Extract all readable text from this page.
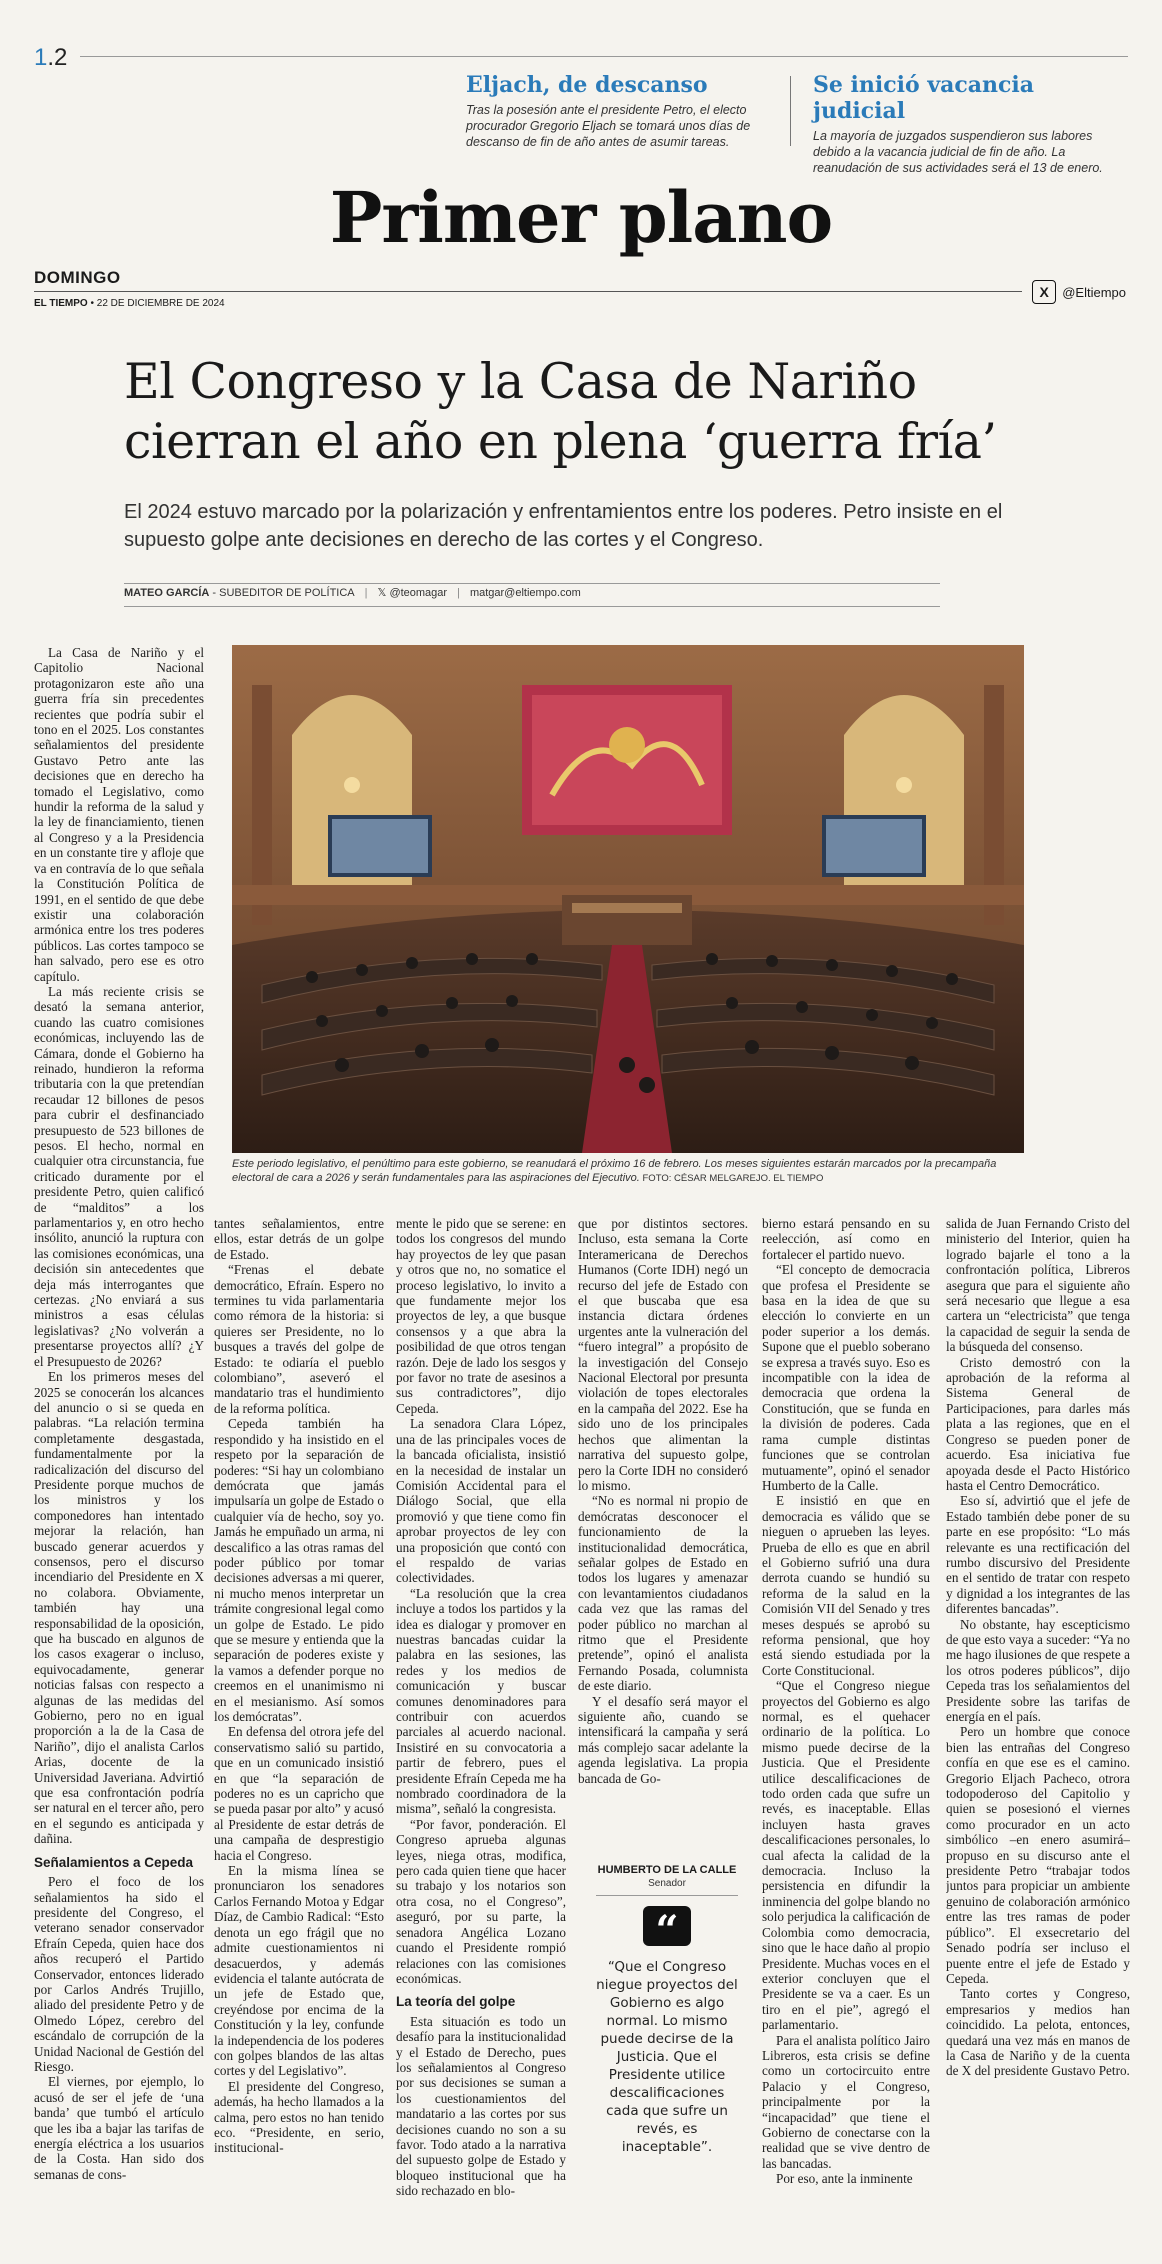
1.2
Eljach, de descanso

Tras la posesión ante el presidente Petro, el electo procurador Gregorio Eljach se tomará unos días de descanso de fin de año antes de asumir tareas.

Se inició vacancia judicial

La mayoría de juzgados suspendieron sus labores debido a la vacancia judicial de fin de año. La reanudación de sus actividades será el 13 de enero.

Primer plano
DOMINGO
EL TIEMPO • 22 DE DICIEMBRE DE 2024
X	@Eltiempo
El Congreso y la Casa de Nariño cierran el año en plena ‘guerra fría’

El 2024 estuvo marcado por la polarización y enfrentamientos entre los poderes. Petro insiste en el supuesto golpe ante decisiones en derecho de las cortes y el Congreso.

MATEO GARCÍA - SUBEDITOR DE POLÍTICA | 𝕏 @teomagar | matgar@eltiempo.com

Este periodo legislativo, el penúltimo para este gobierno, se reanudará el próximo 16 de febrero. Los meses siguientes estarán marcados por la precampaña electoral de cara a 2026 y serán fundamentales para las aspiraciones del Ejecutivo. FOTO: CÉSAR MELGAREJO. EL TIEMPO

La Casa de Nariño y el Capitolio Nacional protagonizaron este año una guerra fría sin precedentes recientes que podría subir el tono en el 2025. Los constantes señalamientos del presidente Gustavo Petro ante las decisiones que en derecho ha tomado el Legislativo, como hundir la reforma de la salud y la ley de financiamiento, tienen al Congreso y a la Presidencia en un constante tire y afloje que va en contravía de lo que señala la Constitución Política de 1991, en el sentido de que debe existir una colaboración armónica entre los tres poderes públicos. Las cortes tampoco se han salvado, pero ese es otro capítulo.

La más reciente crisis se desató la semana anterior, cuando las cuatro comisiones económicas, incluyendo las de Cámara, donde el Gobierno ha reinado, hundieron la reforma tributaria con la que pretendían recaudar 12 billones de pesos para cubrir el desfinanciado presupuesto de 523 billones de pesos. El hecho, normal en cualquier otra circunstancia, fue criticado duramente por el presidente Petro, quien calificó de “malditos” a los parlamentarios y, en otro hecho insólito, anunció la ruptura con las comisiones económicas, una decisión sin antecedentes que deja más interrogantes que certezas. ¿No enviará a sus ministros a esas células legislativas? ¿No volverán a presentarse proyectos allí? ¿Y el Presupuesto de 2026?

En los primeros meses del 2025 se conocerán los alcances del anuncio o si se queda en palabras. “La relación termina completamente desgastada, fundamentalmente por la radicalización del discurso del Presidente porque muchos de los ministros y los componedores han intentado mejorar la relación, han buscado generar acuerdos y consensos, pero el discurso incendiario del Presidente en X no colabora. Obviamente, también hay una responsabilidad de la oposición, que ha buscado en algunos de los casos exagerar o incluso, equivocadamente, generar noticias falsas con respecto a algunas de las medidas del Gobierno, pero no en igual proporción a la de la Casa de Nariño”, dijo el analista Carlos Arias, docente de la Universidad Javeriana. Advirtió que esa confrontación podría ser natural en el tercer año, pero en el segundo es anticipada y dañina.

Señalamientos a Cepeda

Pero el foco de los señalamientos ha sido el presidente del Congreso, el veterano senador conservador Efraín Cepeda, quien hace dos años recuperó el Partido Conservador, entonces liderado por Carlos Andrés Trujillo, aliado del presidente Petro y de Olmedo López, cerebro del escándalo de corrupción de la Unidad Nacional de Gestión del Riesgo.

El viernes, por ejemplo, lo acusó de ser el jefe de ‘una banda’ que tumbó el artículo que les iba a bajar las tarifas de energía eléctrica a los usuarios de la Costa. Han sido dos semanas de cons-

tantes señalamientos, entre ellos, estar detrás de un golpe de Estado.

“Frenas el debate democrático, Efraín. Espero no termines tu vida parlamentaria como rémora de la historia: si quieres ser Presidente, no lo busques a través del golpe de Estado: te odiaría el pueblo colombiano”, aseveró el mandatario tras el hundimiento de la reforma política.

Cepeda también ha respondido y ha insistido en el respeto por la separación de poderes: “Si hay un colombiano demócrata que jamás impulsaría un golpe de Estado o cualquier vía de hecho, soy yo. Jamás he empuñado un arma, ni descalifico a las otras ramas del poder público por tomar decisiones adversas a mi querer, ni mucho menos interpretar un trámite congresional legal como un golpe de Estado. Le pido que se mesure y entienda que la separación de poderes existe y la vamos a defender porque no creemos en el unanimismo ni en el mesianismo. Así somos los demócratas”.

En defensa del otrora jefe del conservatismo salió su partido, que en un comunicado insistió en que “la separación de poderes no es un capricho que se pueda pasar por alto” y acusó al Presidente de estar detrás de una campaña de desprestigio hacia el Congreso.

En la misma línea se pronunciaron los senadores Carlos Fernando Motoa y Edgar Díaz, de Cambio Radical: “Esto denota un ego frágil que no admite cuestionamientos ni desacuerdos, y además evidencia el talante autócrata de un jefe de Estado que, creyéndose por encima de la Constitución y la ley, confunde la independencia de los poderes con golpes blandos de las altas cortes y del Legislativo”.

El presidente del Congreso, además, ha hecho llamados a la calma, pero estos no han tenido eco. “Presidente, en serio, institucional-

mente le pido que se serene: en todos los congresos del mundo hay proyectos de ley que pasan y otros que no, no somatice el proceso legislativo, lo invito a que fundamente mejor los proyectos de ley, a que busque consensos y a que abra la posibilidad de que otros tengan razón. Deje de lado los sesgos y por favor no trate de asesinos a sus contradictores”, dijo Cepeda.

La senadora Clara López, una de las principales voces de la bancada oficialista, insistió en la necesidad de instalar un Comisión Accidental para el Diálogo Social, que ella promovió y que tiene como fin aprobar proyectos de ley con una proposición que contó con el respaldo de varias colectividades.

“La resolución que la crea incluye a todos los partidos y la idea es dialogar y promover en nuestras bancadas cuidar la palabra en las sesiones, las redes y los medios de comunicación y buscar comunes denominadores para contribuir con acuerdos parciales al acuerdo nacional. Insistiré en su convocatoria a partir de febrero, pues el presidente Efraín Cepeda me ha nombrado coordinadora de la misma”, señaló la congresista.

“Por favor, ponderación. El Congreso aprueba algunas leyes, niega otras, modifica, pero cada quien tiene que hacer su trabajo y los notarios son otra cosa, no el Congreso”, aseguró, por su parte, la senadora Angélica Lozano cuando el Presidente rompió relaciones con las comisiones económicas.

La teoría del golpe

Esta situación es todo un desafío para la institucionalidad y el Estado de Derecho, pues los señalamientos al Congreso por sus decisiones se suman a los cuestionamientos del mandatario a las cortes por sus decisiones cuando no son a su favor. Todo atado a la narrativa del supuesto golpe de Estado y bloqueo institucional que ha sido rechazado en blo-

que por distintos sectores. Incluso, esta semana la Corte Interamericana de Derechos Humanos (Corte IDH) negó un recurso del jefe de Estado con el que buscaba que esa instancia dictara órdenes urgentes ante la vulneración del “fuero integral” a propósito de la investigación del Consejo Nacional Electoral por presunta violación de topes electorales en la campaña del 2022. Ese ha sido uno de los principales hechos que alimentan la narrativa del supuesto golpe, pero la Corte IDH no consideró lo mismo.

“No es normal ni propio de demócratas desconocer el funcionamiento de la institucionalidad democrática, señalar golpes de Estado en todos los lugares y amenazar con levantamientos ciudadanos cada vez que las ramas del poder público no marchan al ritmo que el Presidente pretende”, opinó el analista Fernando Posada, columnista de este diario.

Y el desafío será mayor el siguiente año, cuando se intensificará la campaña y será más complejo sacar adelante la agenda legislativa. La propia bancada de Go-

HUMBERTO DE LA CALLE
Senador
“
“Que el Congreso niegue proyectos del Gobierno es algo normal. Lo mismo puede decirse de la Justicia. Que el Presidente utilice descalificaciones cada que sufre un revés, es inaceptable”.

bierno estará pensando en su reelección, así como en fortalecer el partido nuevo.

“El concepto de democracia que profesa el Presidente se basa en la idea de que su elección lo convierte en un poder superior a los demás. Supone que el pueblo soberano se expresa a través suyo. Eso es incompatible con la idea de democracia que ordena la Constitución, que se funda en la división de poderes. Cada rama cumple distintas funciones que se controlan mutuamente”, opinó el senador Humberto de la Calle.

E insistió en que en democracia es válido que se nieguen o aprueben las leyes. Prueba de ello es que en abril el Gobierno sufrió una dura derrota cuando se hundió su reforma de la salud en la Comisión VII del Senado y tres meses después se aprobó su reforma pensional, que hoy está siendo estudiada por la Corte Constitucional.

“Que el Congreso niegue proyectos del Gobierno es algo normal, es el quehacer ordinario de la política. Lo mismo puede decirse de la Justicia. Que el Presidente utilice descalificaciones de todo orden cada que sufre un revés, es inaceptable. Ellas incluyen hasta graves descalificaciones personales, lo cual afecta la calidad de la democracia. Incluso la persistencia en difundir la inminencia del golpe blando no solo perjudica la calificación de Colombia como democracia, sino que le hace daño al propio Presidente. Muchas voces en el exterior concluyen que el Presidente se va a caer. Es un tiro en el pie”, agregó el parlamentario.

Para el analista político Jairo Libreros, esta crisis se define como un cortocircuito entre Palacio y el Congreso, principalmente por la “incapacidad” que tiene el Gobierno de conectarse con la realidad que se vive dentro de las bancadas.

Por eso, ante la inminente

salida de Juan Fernando Cristo del ministerio del Interior, quien ha logrado bajarle el tono a la confrontación política, Libreros asegura que para el siguiente año será necesario que llegue a esa cartera un “electricista” que tenga la capacidad de seguir la senda de la búsqueda del consenso.

Cristo demostró con la aprobación de la reforma al Sistema General de Participaciones, para darles más plata a las regiones, que en el Congreso se pueden poner de acuerdo. Esa iniciativa fue apoyada desde el Pacto Histórico hasta el Centro Democrático.

Eso sí, advirtió que el jefe de Estado también debe poner de su parte en ese propósito: “Lo más relevante es una rectificación del rumbo discursivo del Presidente en el sentido de tratar con respeto y dignidad a los integrantes de las diferentes bancadas”.

No obstante, hay escepticismo de que esto vaya a suceder: “Ya no me hago ilusiones de que respete a los otros poderes públicos”, dijo Cepeda tras los señalamientos del Presidente sobre las tarifas de energía en el país.

Pero un hombre que conoce bien las entrañas del Congreso confía en que ese es el camino. Gregorio Eljach Pacheco, otrora todopoderoso del Capitolio y quien se posesionó el viernes como procurador en un acto simbólico –en enero asumirá– propuso en su discurso ante el presidente Petro “trabajar todos juntos para propiciar un ambiente genuino de colaboración armónico entre las tres ramas de poder público”. El exsecretario del Senado podría ser incluso el puente entre el jefe de Estado y Cepeda.

Tanto cortes y Congreso, empresarios y medios han coincidido. La pelota, entonces, quedará una vez más en manos de la Casa de Nariño y de la cuenta de X del presidente Gustavo Petro.
